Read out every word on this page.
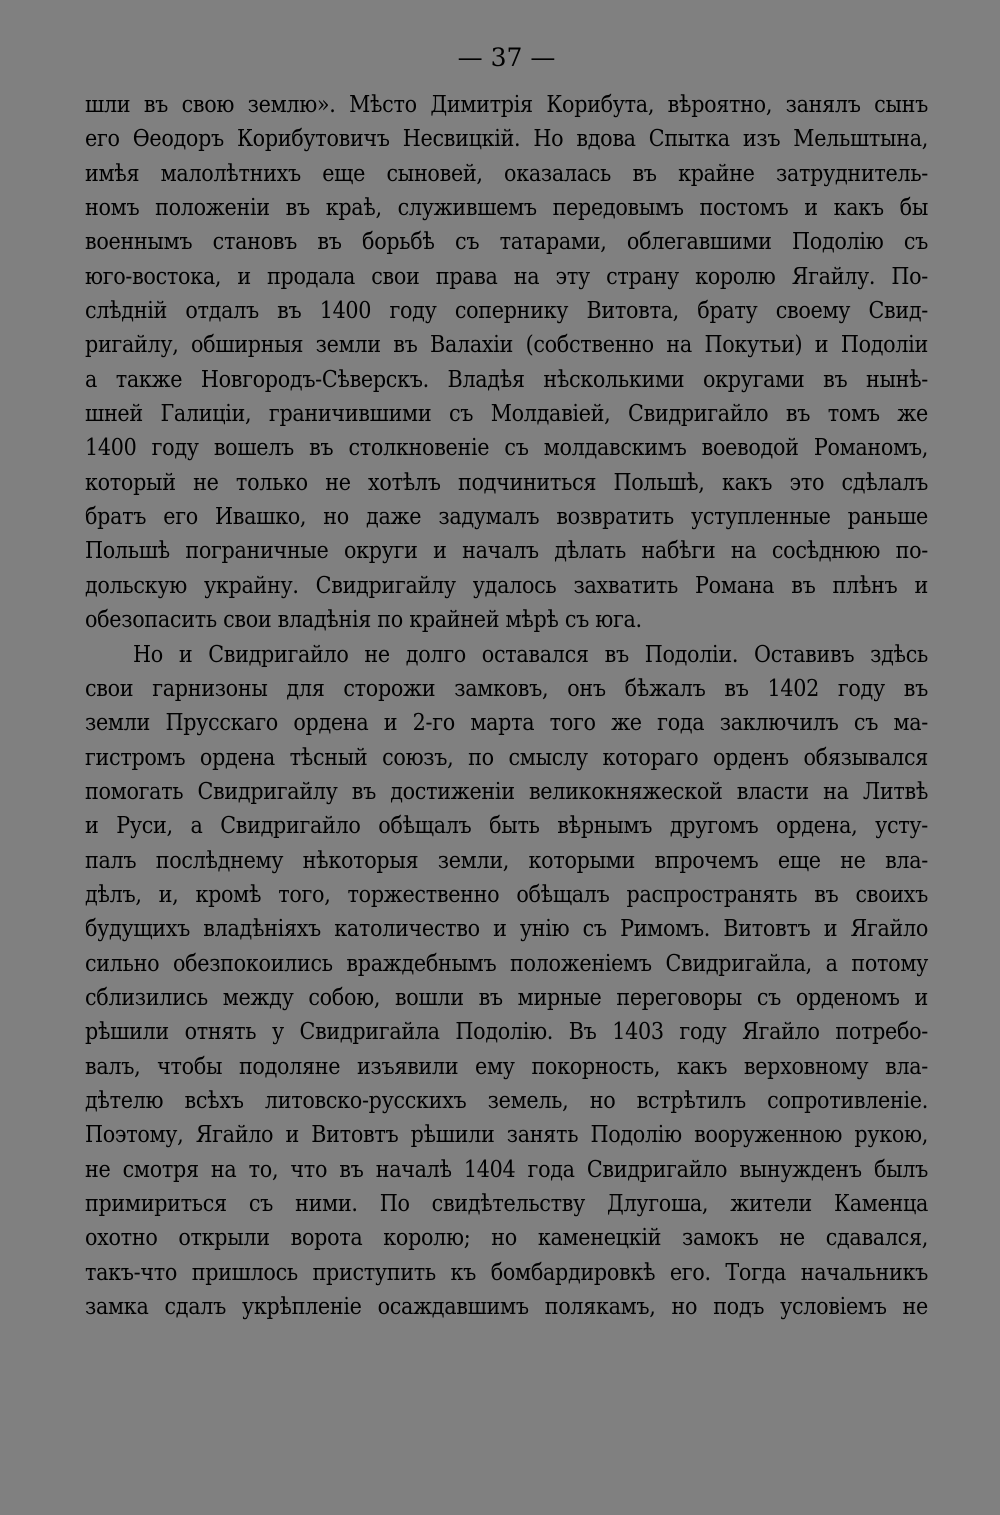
— 37 —
шли въ свою землю». Мѣсто Димитрія Корибута, вѣроятно, занялъ сынъ
его Ѳеодоръ Корибутовичъ Несвицкій. Но вдова Спытка изъ Мельштына,
имѣя малолѣтнихъ еще сыновей, оказалась въ крайне затруднитель-
номъ положеніи въ краѣ, служившемъ передовымъ постомъ и какъ бы
военнымъ становъ въ борьбѣ съ татарами, облегавшими Подолію съ
юго-востока, и продала свои права на эту страну королю Ягайлу. По-
слѣдній отдалъ въ 1400 году сопернику Витовта, брату своему Свид-
ригайлу, обширныя земли въ Валахіи (собственно на Покутьи) и Подоліи
а также Новгородъ-Сѣверскъ. Владѣя нѣсколькими округами въ нынѣ-
шней Галиціи, граничившими съ Молдавіей, Свидригайло въ томъ же
1400 году вошелъ въ столкновеніе съ молдавскимъ воеводой Романомъ,
который не только не хотѣлъ подчиниться Польшѣ, какъ это сдѣлалъ
братъ его Ивашко, но даже задумалъ возвратить уступленные раньше
Польшѣ пограничные округи и началъ дѣлать набѣги на сосѣднюю по-
дольскую украйну. Свидригайлу удалось захватить Романа въ плѣнъ и
обезопасить свои владѣнія по крайней мѣрѣ съ юга.
Но и Свидригайло не долго оставался въ Подоліи. Оставивъ здѣсь
свои гарнизоны для сторожи замковъ, онъ бѣжалъ въ 1402 году въ
земли Прусскаго ордена и 2-го марта того же года заключилъ съ ма-
гистромъ ордена тѣсный союзъ, по смыслу котораго орденъ обязывался
помогать Свидригайлу въ достиженіи великокняжеской власти на Литвѣ
и Руси, а Свидригайло обѣщалъ быть вѣрнымъ другомъ ордена, усту-
палъ послѣднему нѣкоторыя земли, которыми впрочемъ еще не вла-
дѣлъ, и, кромѣ того, торжественно обѣщалъ распространять въ своихъ
будущихъ владѣніяхъ католичество и унію съ Римомъ. Витовтъ и Ягайло
сильно обезпокоились враждебнымъ положеніемъ Свидригайла, а потому
сблизились между собою, вошли въ мирные переговоры съ орденомъ и
рѣшили отнять у Свидригайла Подолію. Въ 1403 году Ягайло потребо-
валъ, чтобы подоляне изъявили ему покорность, какъ верховному вла-
дѣтелю всѣхъ литовско-русскихъ земель, но встрѣтилъ сопротивленіе.
Поэтому, Ягайло и Витовтъ рѣшили занять Подолію вооруженною рукою,
не смотря на то, что въ началѣ 1404 года Свидригайло вынужденъ былъ
примириться съ ними. По свидѣтельству Длугоша, жители Каменца
охотно открыли ворота королю; но каменецкій замокъ не сдавался,
такъ-что пришлось приступить къ бомбардировкѣ его. Тогда начальникъ
замка сдалъ укрѣпленіе осаждавшимъ полякамъ, но подъ условіемъ не
